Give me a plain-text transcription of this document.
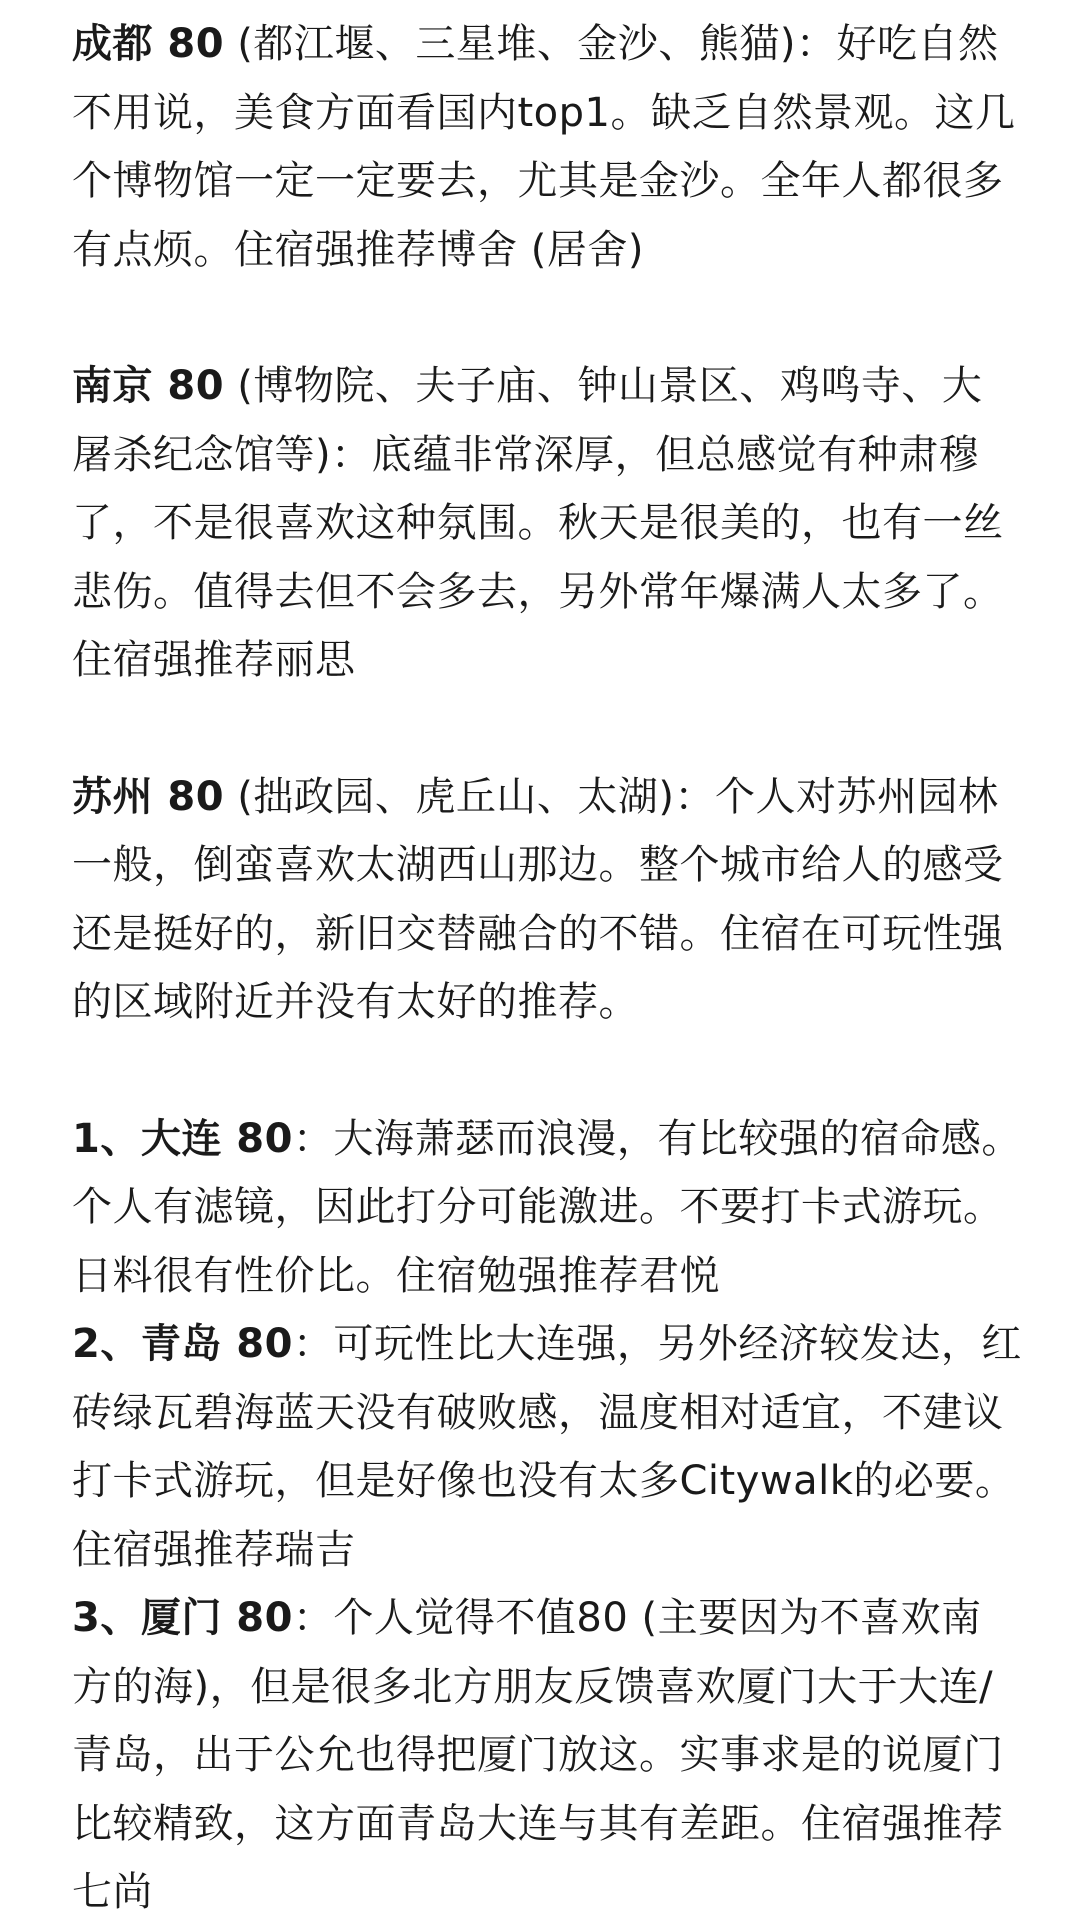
成都 80 (都江堰、三星堆、金沙、熊猫)：好吃自然不用说，美食方面看国内top1。缺乏自然景观。这几个博物馆一定一定要去，尤其是金沙。全年人都很多有点烦。住宿强推荐博舍 (居舍)

南京 80 (博物院、夫子庙、钟山景区、鸡鸣寺、大屠杀纪念馆等)：底蕴非常深厚，但总感觉有种肃穆了，不是很喜欢这种氛围。秋天是很美的，也有一丝悲伤。值得去但不会多去，另外常年爆满人太多了。住宿强推荐丽思

苏州 80 (拙政园、虎丘山、太湖)：个人对苏州园林一般，倒蛮喜欢太湖西山那边。整个城市给人的感受还是挺好的，新旧交替融合的不错。住宿在可玩性强的区域附近并没有太好的推荐。

1、大连 80：大海萧瑟而浪漫，有比较强的宿命感。个人有滤镜，因此打分可能激进。不要打卡式游玩。日料很有性价比。住宿勉强推荐君悦

2、青岛 80：可玩性比大连强，另外经济较发达，红砖绿瓦碧海蓝天没有破败感，温度相对适宜，不建议打卡式游玩，但是好像也没有太多Citywalk的必要。住宿强推荐瑞吉

3、厦门 80：个人觉得不值80 (主要因为不喜欢南方的海)，但是很多北方朋友反馈喜欢厦门大于大连/青岛，出于公允也得把厦门放这。实事求是的说厦门比较精致，这方面青岛大连与其有差距。住宿强推荐七尚
